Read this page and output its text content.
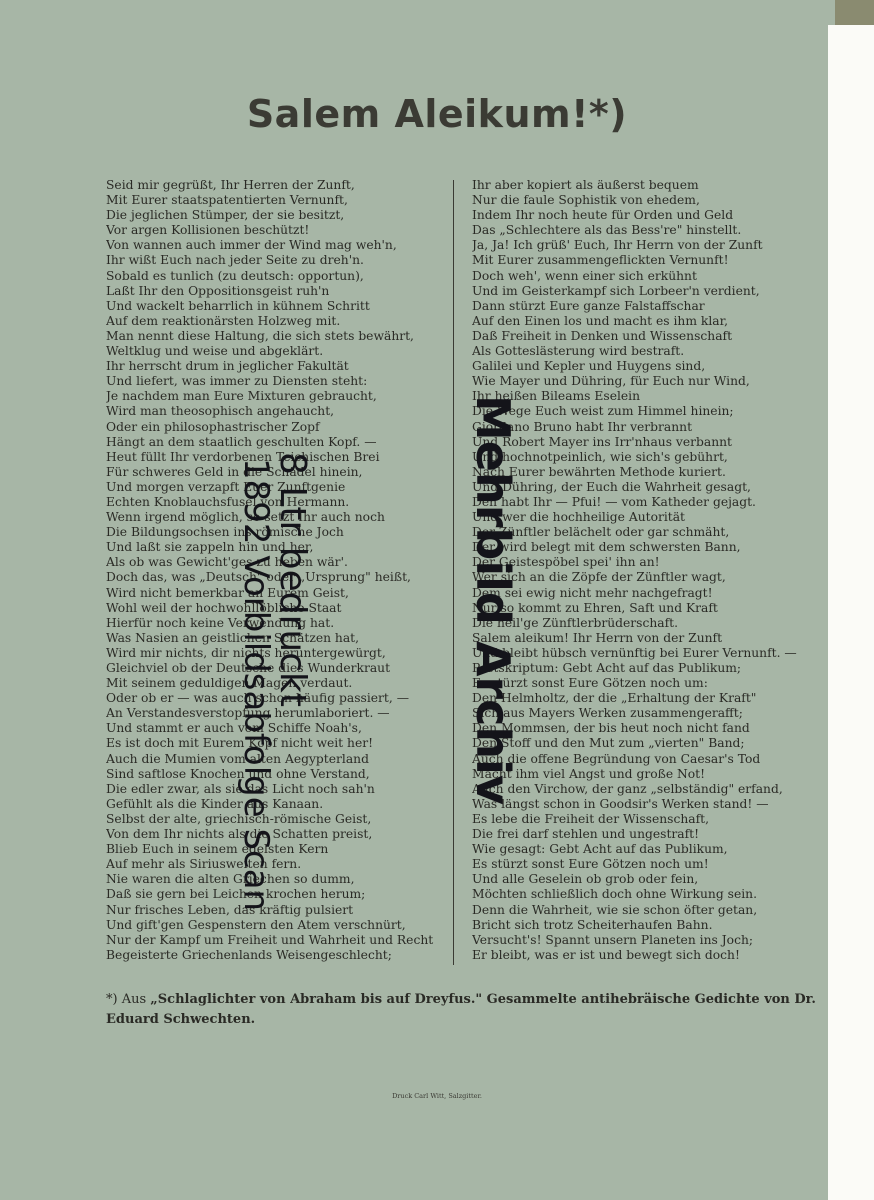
Salem Aleikum!*)
Seid mir gegrüßt, Ihr Herren der Zunft,
Mit Eurer staatspatentierten Vernunft,
Die jeglichen Stümper, der sie besitzt,
Vor argen Kollisionen beschützt!
Von wannen auch immer der Wind mag weh'n,
Ihr wißt Euch nach jeder Seite zu dreh'n.
Sobald es tunlich (zu deutsch: opportun),
Laßt Ihr den Oppositionsgeist ruh'n
Und wackelt beharrlich in kühnem Schritt
Auf dem reaktionärsten Holzweg mit.
Man nennt diese Haltung, die sich stets bewährt,
Weltklug und weise und abgeklärt.
Ihr herrscht drum in jeglicher Fakultät
Und liefert, was immer zu Diensten steht:
Je nachdem man Eure Mixturen gebraucht,
Wird man theosophisch angehaucht,
Oder ein philosophastrischer Zopf
Hängt an dem staatlich geschulten Kopf. —
Heut füllt Ihr verdorbenen Teichischen Brei
Für schweres Geld in die Schädel hinein,
Und morgen verzapft Euer Zunftgenie
Echten Knoblauchsfusel von Hermann.
Wenn irgend möglich, so setzt Ihr auch noch
Die Bildungsochsen ins römische Joch
Und laßt sie zappeln hin und her,
Als ob was Gewicht'ges zu heben wär'.
Doch das, was „Deutsch" oder „Ursprung" heißt,
Wird nicht bemerkbar an Eurem Geist,
Wohl weil der hochwohllöbliche Staat
Hierfür noch keine Verwendung hat.
Was Nasien an geistlichen Schätzen hat,
Wird mir nichts, dir nichts heruntergewürgt,
Gleichviel ob der Deutsche dies Wunderkraut
Mit seinem geduldigen Magen verdaut.
Oder ob er — was auch schon häufig passiert, —
An Verstandesverstopfung herumlaboriert. —
Und stammt er auch vom Schiffe Noah's,
Es ist doch mit Eurem Kopf nicht weit her!
Auch die Mumien vom alten Aegypterland
Sind saftlose Knochen und ohne Verstand,
Die edler zwar, als sie das Licht noch sah'n
Gefühlt als die Kinder aus Kanaan.
Selbst der alte, griechisch-römische Geist,
Von dem Ihr nichts als die Schatten preist,
Blieb Euch in seinem edelsten Kern
Auf mehr als Siriusweiten fern.
Nie waren die alten Griechen so dumm,
Daß sie gern bei Leichen krochen herum;
Nur frisches Leben, das kräftig pulsiert
Und gift'gen Gespenstern den Atem verschnürt,
Nur der Kampf um Freiheit und Wahrheit und Recht
Begeisterte Griechenlands Weisengeschlecht;
Ihr aber kopiert als äußerst bequem
Nur die faule Sophistik von ehedem,
Indem Ihr noch heute für Orden und Geld
Das „Schlechtere als das Bess're" hinstellt.
Ja, Ja! Ich grüß' Euch, Ihr Herrn von der Zunft
Mit Eurer zusammengeflickten Vernunft!
Doch weh', wenn einer sich erkühnt
Und im Geisterkampf sich Lorbeer'n verdient,
Dann stürzt Eure ganze Falstaffschar
Auf den Einen los und macht es ihm klar,
Daß Freiheit in Denken und Wissenschaft
Als Gotteslästerung wird bestraft.
Galilei und Kepler und Huygens sind,
Wie Mayer und Dühring, für Euch nur Wind,
Ihr heißen Bileams Eselein
Die Wege Euch weist zum Himmel hinein;
Giordano Bruno habt Ihr verbrannt
Und Robert Mayer ins Irr'nhaus verbannt
Und hochnotpeinlich, wie sich's gebührt,
Nach Eurer bewährten Methode kuriert.
Und Dühring, der Euch die Wahrheit gesagt,
Den habt Ihr — Pfui! — vom Katheder gejagt.
Und wer die hochheilige Autorität
Der Zünftler belächelt oder gar schmäht,
Der wird belegt mit dem schwersten Bann,
Der Geistespöbel spei' ihn an!
Wer sich an die Zöpfe der Zünftler wagt,
Dem sei ewig nicht mehr nachgefragt!
Nur so kommt zu Ehren, Saft und Kraft
Die heil'ge Zünftlerbrüderschaft.
Salem aleikum! Ihr Herrn von der Zunft
Und bleibt hübsch vernünftig bei Eurer Vernunft. —
Postskriptum: Gebt Acht auf das Publikum;
Es stürzt sonst Eure Götzen noch um:
Den Helmholtz, der die „Erhaltung der Kraft"
Sich aus Mayers Werken zusammengerafft;
Den Mommsen, der bis heut noch nicht fand
Den Stoff und den Mut zum „vierten" Band;
Auch die offene Begründung von Caesar's Tod
Macht ihm viel Angst und große Not!
Auch den Virchow, der ganz „selbständig" erfand,
Was längst schon in Goodsir's Werken stand! —
Es lebe die Freiheit der Wissenschaft,
Die frei darf stehlen und ungestraft!
Wie gesagt: Gebt Acht auf das Publikum,
Es stürzt sonst Eure Götzen noch um!
Und alle Geselein ob grob oder fein,
Möchten schließlich doch ohne Wirkung sein.
Denn die Wahrheit, wie sie schon öfter getan,
Bricht sich trotz Scheiterhaufen Bahn.
Versucht's! Spannt unsern Planeten ins Joch;
Er bleibt, was er ist und bewegt sich doch!
8 Ltr bedruckt
1892 Vorbildsabfolge Scan	Mehrbild Archiv
*) Aus „Schlaglichter von Abraham bis auf Dreyfus." Gesammelte antihebräische Gedichte von Dr. Eduard Schwechten.
Druck Carl Witt, Salzgitter.
